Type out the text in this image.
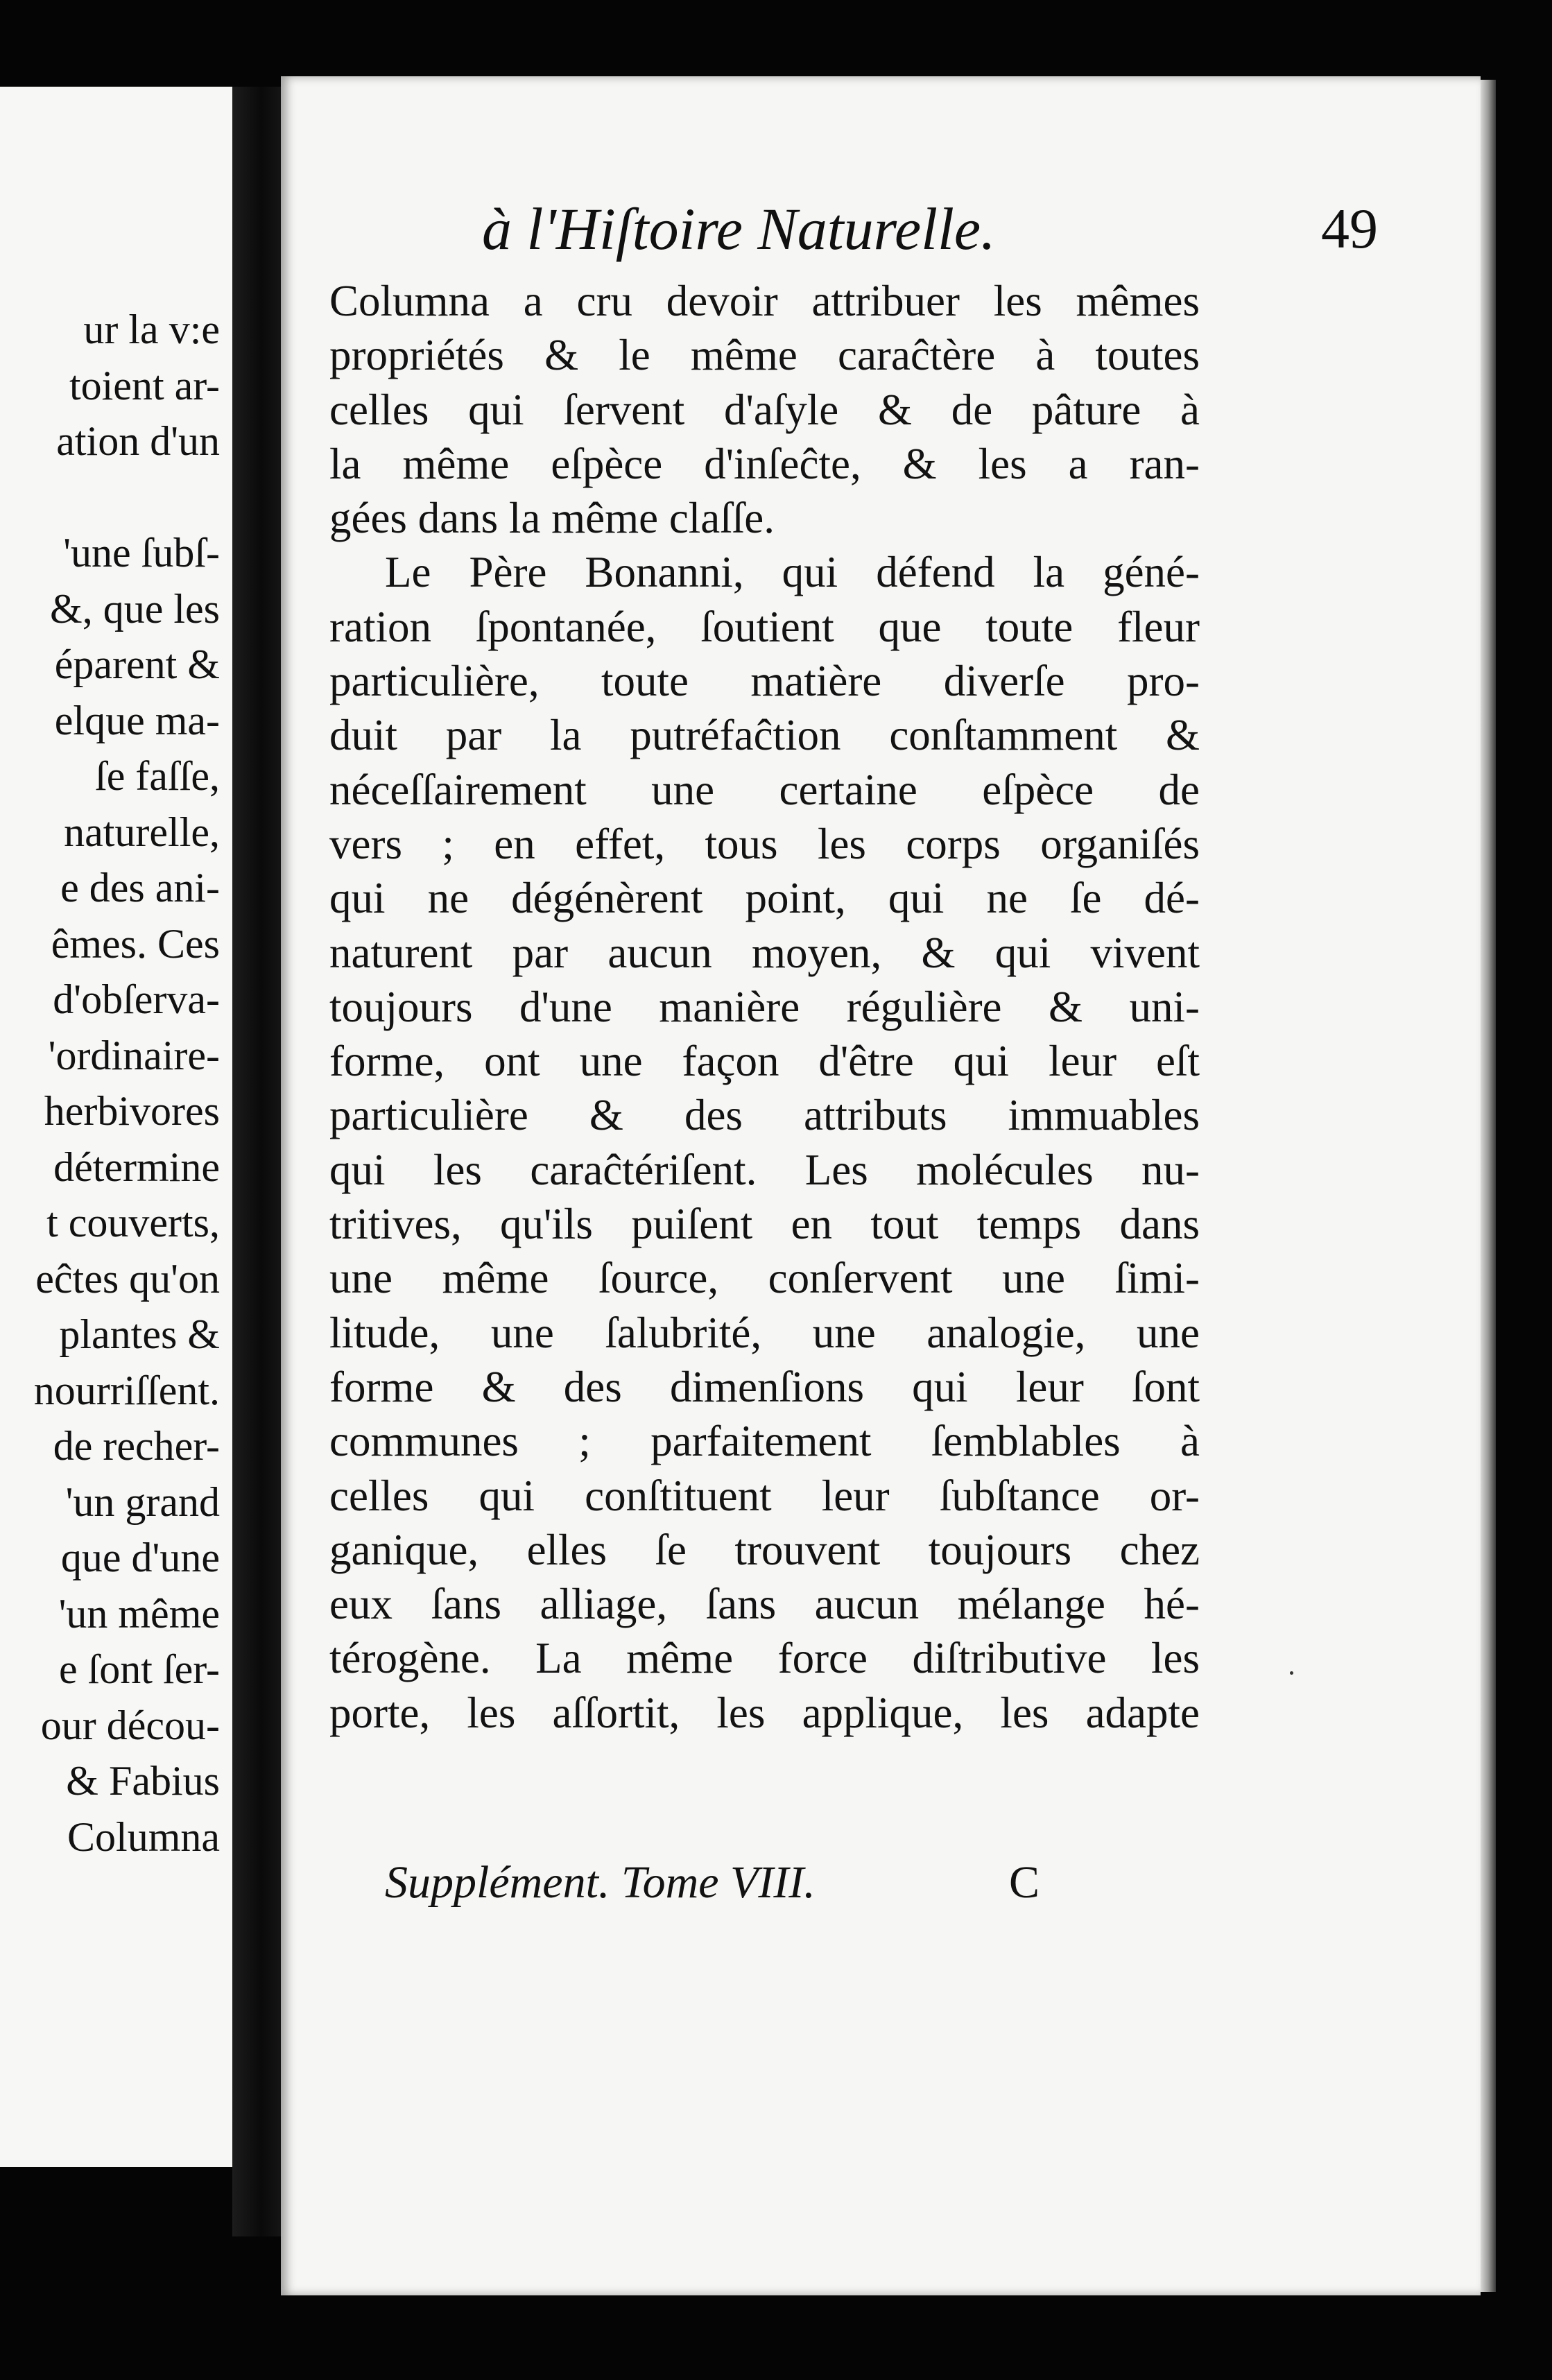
ur la v:e
toient ar-
ation d'un
'une ſubſ-
&, que les
éparent &
elque ma-
ſe faſſe,
naturelle,
e des ani-
êmes. Ces
d'obſerva-
'ordinaire-
herbivores
détermine
t couverts,
eĉtes qu'on
plantes &
nourriſſent.
de recher-
'un grand
que d'une
'un même
e ſont ſer-
our décou-
& Fabius
Columna
à l'Hiſtoire Naturelle.	49
Columna a cru devoir attribuer les mêmes
propriétés & le même caraĉtère à toutes
celles qui ſervent d'aſyle & de pâture à
la même eſpèce d'inſeĉte, & les a ran-
gées dans la même claſſe.
Le Père Bonanni, qui défend la géné-
ration ſpontanée, ſoutient que toute fleur
particulière, toute matière diverſe pro-
duit par la putréfaĉtion conſtamment &
néceſſairement une certaine eſpèce de
vers ; en effet, tous les corps organiſés
qui ne dégénèrent point, qui ne ſe dé-
naturent par aucun moyen, & qui vivent
toujours d'une manière régulière & uni-
forme, ont une façon d'être qui leur eſt
particulière & des attributs immuables
qui les caraĉtériſent. Les molécules nu-
tritives, qu'ils puiſent en tout temps dans
une même ſource, conſervent une ſimi-
litude, une ſalubrité, une analogie, une
forme & des dimenſions qui leur ſont
communes ; parfaitement ſemblables à
celles qui conſtituent leur ſubſtance or-
ganique, elles ſe trouvent toujours chez
eux ſans alliage, ſans aucun mélange hé-
térogène. La même force diſtributive les
porte, les aſſortit, les applique, les adapte
Supplément. Tome VIII.	C
